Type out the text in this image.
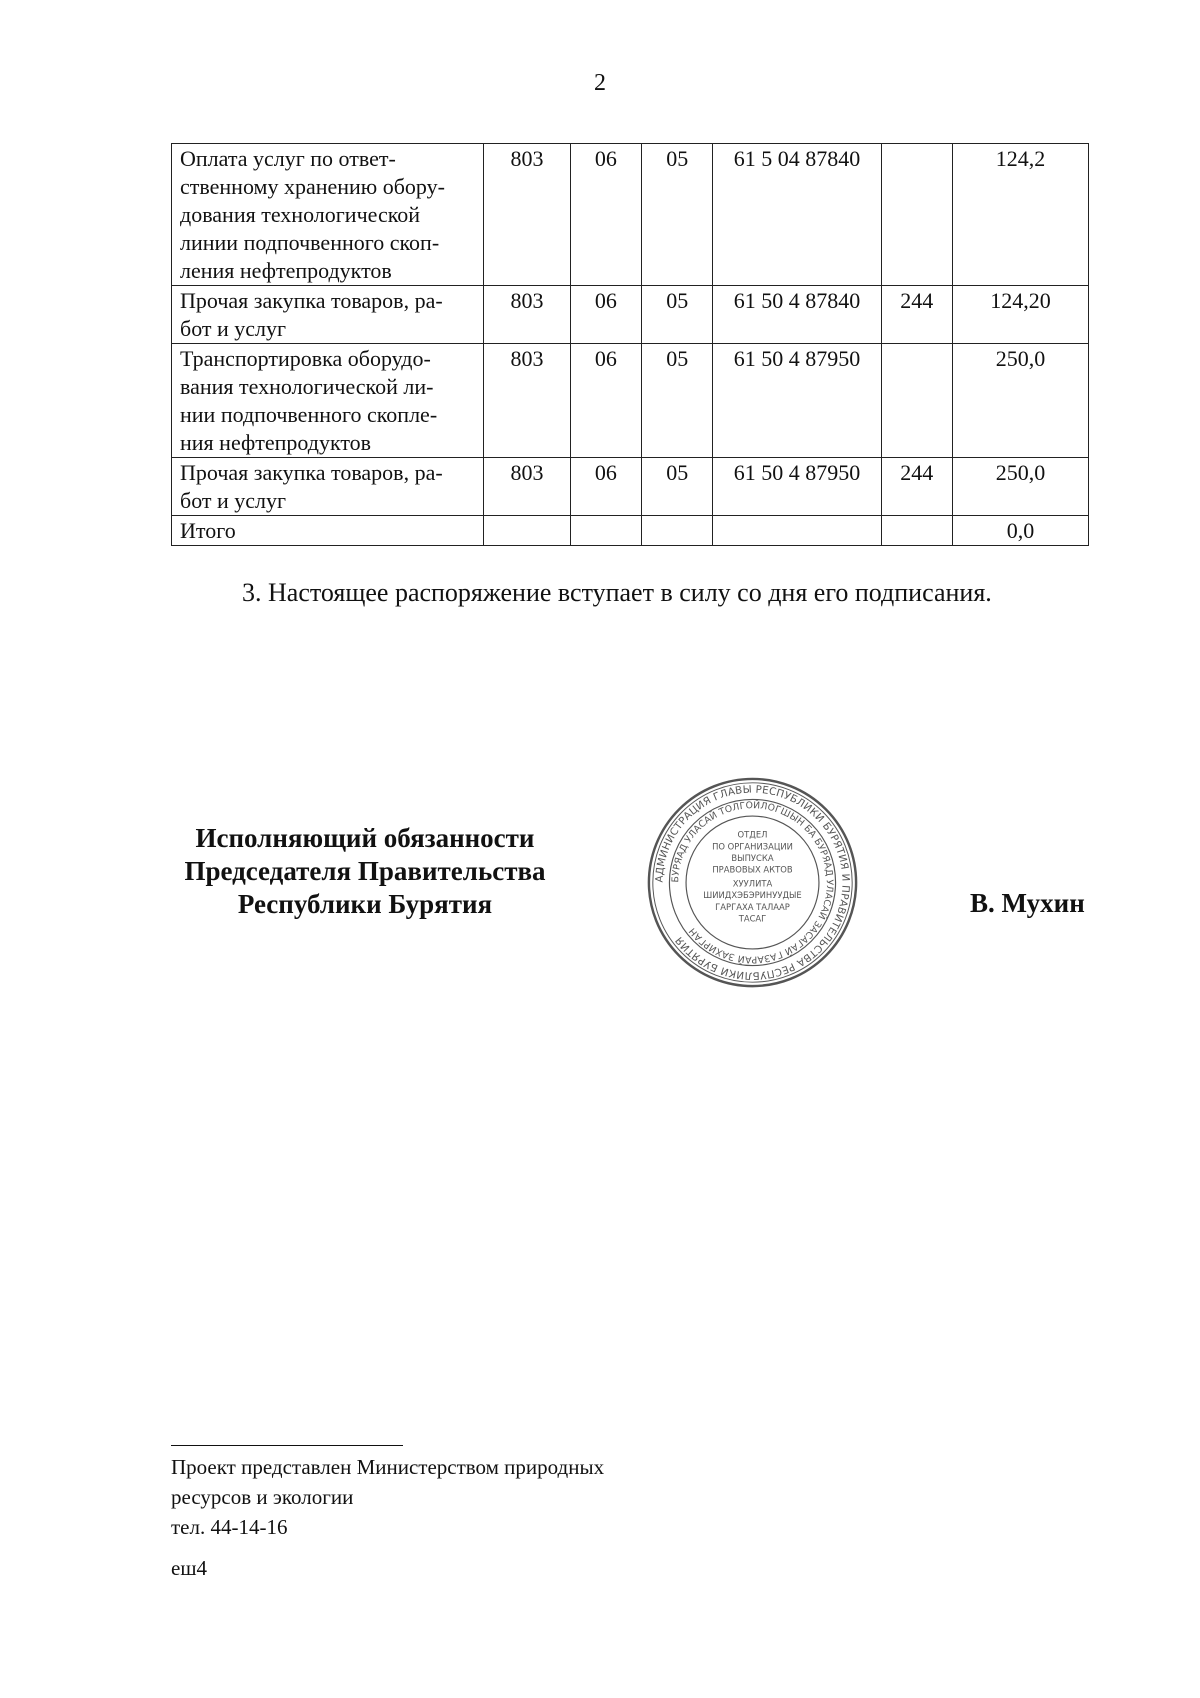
2
Оплата услуг по ответ-
ственному хранению обору-
дования технологической
линии подпочвенного скоп-
ления нефтепродуктов	803	06	05	61 5 04 87840		124,2

Прочая закупка товаров, ра-
бот и услуг	803	06	05	61 50 4 87840	244	124,20

Транспортировка оборудо-
вания технологической ли-
нии подпочвенного скопле-
ния нефтепродуктов	803	06	05	61 50 4 87950		250,0

Прочая закупка товаров, ра-
бот и услуг	803	06	05	61 50 4 87950	244	250,0

Итого						0,0
3. Настоящее распоряжение вступает в силу со дня его подписания.
Исполняющий обязанности
Председателя Правительства
Республики Бурятия
АДМИНИСТРАЦИЯ ГЛАВЫ РЕСПУБЛИКИ БУРЯТИЯ И ПРАВИТЕЛЬСТВА РЕСПУБЛИКИ БУРЯТИЯ
БУРЯАД УЛАСАЙ ТОЛГОЙЛОГШЫН БА БУРЯАД УЛАСАЙ ЗАСАГАЙ ГАЗАРАЙ ЗАХИРГАН
ОТДЕЛ
ПО ОРГАНИЗАЦИИ
ВЫПУСКА
ПРАВОВЫХ АКТОВ
ХУУЛИТА
ШИИДХЭБЭРИНУУДЫЕ
ГАРГАХА ТАЛААР
ТАСАГ
В. Мухин
Проект представлен Министерством природных
ресурсов и экологии
тел. 44-14-16
еш4
